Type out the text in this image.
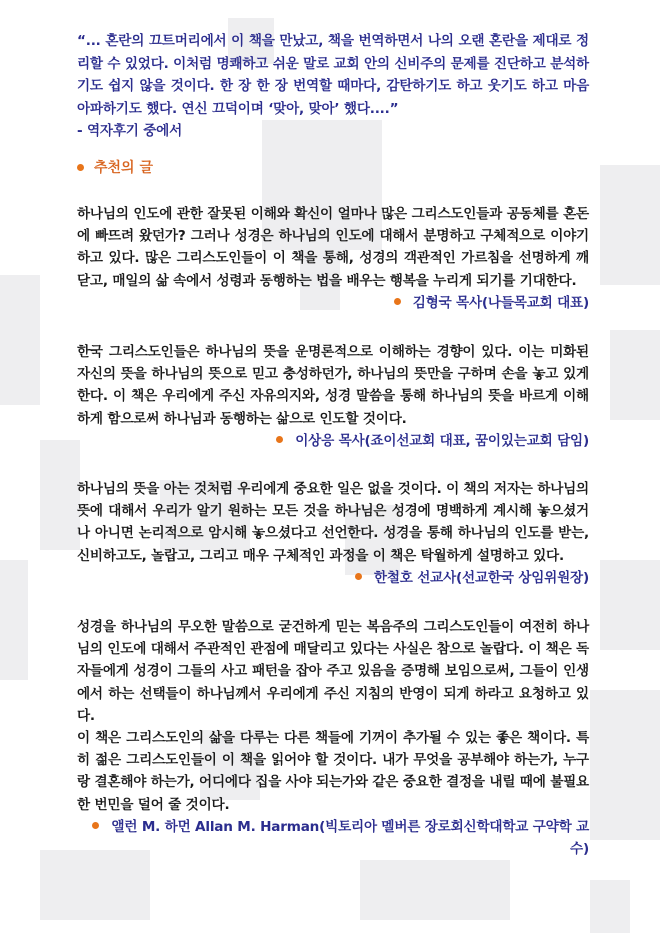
“... 혼란의 끄트머리에서 이 책을 만났고, 책을 번역하면서 나의 오랜 혼란을 제대로 정리할 수 있었다. 이처럼 명쾌하고 쉬운 말로 교회 안의 신비주의 문제를 진단하고 분석하기도 쉽지 않을 것이다. 한 장 한 장 번역할 때마다, 감탄하기도 하고 웃기도 하고 마음 아파하기도 했다. 연신 끄덕이며 ‘맞아, 맞아’ 했다....”

- 역자후기 중에서

추천의 글

하나님의 인도에 관한 잘못된 이해와 확신이 얼마나 많은 그리스도인들과 공동체를 혼돈에 빠뜨려 왔던가? 그러나 성경은 하나님의 인도에 대해서 분명하고 구체적으로 이야기하고 있다. 많은 그리스도인들이 이 책을 통해, 성경의 객관적인 가르침을 선명하게 깨닫고, 매일의 삶 속에서 성령과 동행하는 법을 배우는 행복을 누리게 되기를 기대한다.

김형국 목사(나들목교회 대표)

한국 그리스도인들은 하나님의 뜻을 운명론적으로 이해하는 경향이 있다. 이는 미화된 자신의 뜻을 하나님의 뜻으로 믿고 충성하던가, 하나님의 뜻만을 구하며 손을 놓고 있게 한다. 이 책은 우리에게 주신 자유의지와, 성경 말씀을 통해 하나님의 뜻을 바르게 이해하게 함으로써 하나님과 동행하는 삶으로 인도할 것이다.

이상응 목사(죠이선교회 대표, 꿈이있는교회 담임)

하나님의 뜻을 아는 것처럼 우리에게 중요한 일은 없을 것이다. 이 책의 저자는 하나님의 뜻에 대해서 우리가 알기 원하는 모든 것을 하나님은 성경에 명백하게 계시해 놓으셨거나 아니면 논리적으로 암시해 놓으셨다고 선언한다. 성경을 통해 하나님의 인도를 받는, 신비하고도, 놀랍고, 그리고 매우 구체적인 과정을 이 책은 탁월하게 설명하고 있다.

한철호 선교사(선교한국 상임위원장)

성경을 하나님의 무오한 말씀으로 굳건하게 믿는 복음주의 그리스도인들이 여전히 하나님의 인도에 대해서 주관적인 관점에 매달리고 있다는 사실은 참으로 놀랍다. 이 책은 독자들에게 성경이 그들의 사고 패턴을 잡아 주고 있음을 증명해 보임으로써, 그들이 인생에서 하는 선택들이 하나님께서 우리에게 주신 지침의 반영이 되게 하라고 요청하고 있다.

이 책은 그리스도인의 삶을 다루는 다른 책들에 기꺼이 추가될 수 있는 좋은 책이다. 특히 젊은 그리스도인들이 이 책을 읽어야 할 것이다. 내가 무엇을 공부해야 하는가, 누구랑 결혼해야 하는가, 어디에다 집을 사야 되는가와 같은 중요한 결정을 내릴 때에 불필요한 번민을 덜어 줄 것이다.

앨런 M. 하먼 Allan M. Harman(빅토리아 멜버른 장로회신학대학교 구약학 교수)
